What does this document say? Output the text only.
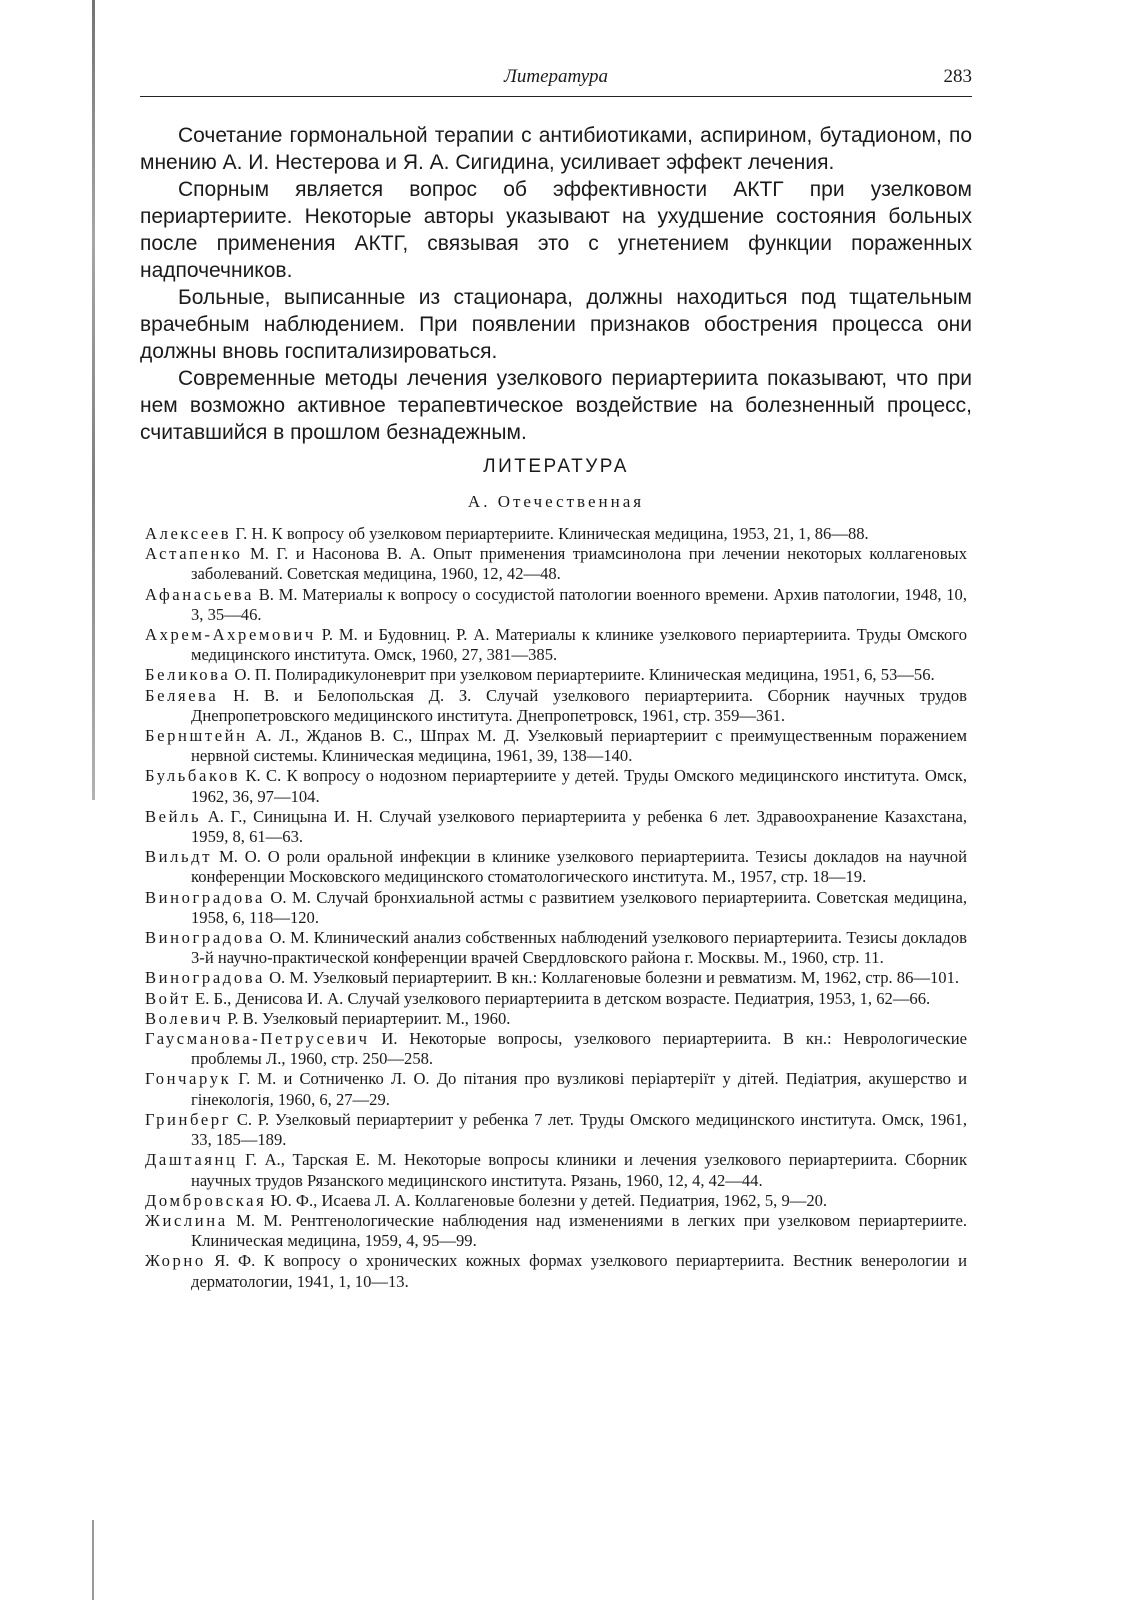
Литература	283

Сочетание гормональной терапии с антибиотиками, аспирином, бутадионом, по мнению А. И. Нестерова и Я. А. Сигидина, усиливает эффект лечения.

Спорным является вопрос об эффективности АКТГ при узелковом периартериите. Некоторые авторы указывают на ухудшение состояния больных после применения АКТГ, связывая это с угнетением функции пораженных надпочечников.

Больные, выписанные из стационара, должны находиться под тщательным врачебным наблюдением. При появлении признаков обострения процесса они должны вновь госпитализироваться.

Современные методы лечения узелкового периартериита показывают, что при нем возможно активное терапевтическое воздействие на болезненный процесс, считавшийся в прошлом безнадежным.

ЛИТЕРАТУРА
А. Отечественная
Алексеев Г. Н. К вопросу об узелковом периартериите. Клиническая медицина, 1953, 21, 1, 86—88.
Астапенко М. Г. и Насонова В. А. Опыт применения триамсинолона при лечении некоторых коллагеновых заболеваний. Советская медицина, 1960, 12, 42—48.
Афанасьева В. М. Материалы к вопросу о сосудистой патологии военного времени. Архив патологии, 1948, 10, 3, 35—46.
Ахрем-Ахремович Р. М. и Будовниц. Р. А. Материалы к клинике узелкового периартериита. Труды Омского медицинского института. Омск, 1960, 27, 381—385.
Беликова О. П. Полирадикулоневрит при узелковом периартериите. Клиническая медицина, 1951, 6, 53—56.
Беляева Н. В. и Белопольская Д. З. Случай узелкового периартериита. Сборник научных трудов Днепропетровского медицинского института. Днепропетровск, 1961, стр. 359—361.
Бернштейн А. Л., Жданов В. С., Шпрах М. Д. Узелковый периартериит с преимущественным поражением нервной системы. Клиническая медицина, 1961, 39, 138—140.
Бульбаков К. С. К вопросу о нодозном периартериите у детей. Труды Омского медицинского института. Омск, 1962, 36, 97—104.
Вейль А. Г., Синицына И. Н. Случай узелкового периартериита у ребенка 6 лет. Здравоохранение Казахстана, 1959, 8, 61—63.
Вильдт М. О. О роли оральной инфекции в клинике узелкового периартериита. Тезисы докладов на научной конференции Московского медицинского стоматологического института. М., 1957, стр. 18—19.
Виноградова О. М. Случай бронхиальной астмы с развитием узелкового периартериита. Советская медицина, 1958, 6, 118—120.
Виноградова О. М. Клинический анализ собственных наблюдений узелкового периартериита. Тезисы докладов 3-й научно-практической конференции врачей Свердловского района г. Москвы. М., 1960, стр. 11.
Виноградова О. М. Узелковый периартериит. В кн.: Коллагеновые болезни и ревматизм. М, 1962, стр. 86—101.
Войт Е. Б., Денисова И. А. Случай узелкового периартериита в детском возрасте. Педиатрия, 1953, 1, 62—66.
Волевич Р. В. Узелковый периартериит. М., 1960.
Гаусманова-Петрусевич И. Некоторые вопросы, узелкового периартериита. В кн.: Неврологические проблемы Л., 1960, стр. 250—258.
Гончарук Г. М. и Сотниченко Л. О. До пітания про вузликові періартеріїт у дітей. Педіатрия, акушерство и гінекологія, 1960, 6, 27—29.
Гринберг С. Р. Узелковый периартериит у ребенка 7 лет. Труды Омского медицинского института. Омск, 1961, 33, 185—189.
Даштаянц Г. А., Тарская Е. М. Некоторые вопросы клиники и лечения узелкового периартериита. Сборник научных трудов Рязанского медицинского института. Рязань, 1960, 12, 4, 42—44.
Домбровская Ю. Ф., Исаева Л. А. Коллагеновые болезни у детей. Педиатрия, 1962, 5, 9—20.
Жислина М. М. Рентгенологические наблюдения над изменениями в легких при узелковом периартериите. Клиническая медицина, 1959, 4, 95—99.
Жорно Я. Ф. К вопросу о хронических кожных формах узелкового периартериита. Вестник венерологии и дерматологии, 1941, 1, 10—13.
